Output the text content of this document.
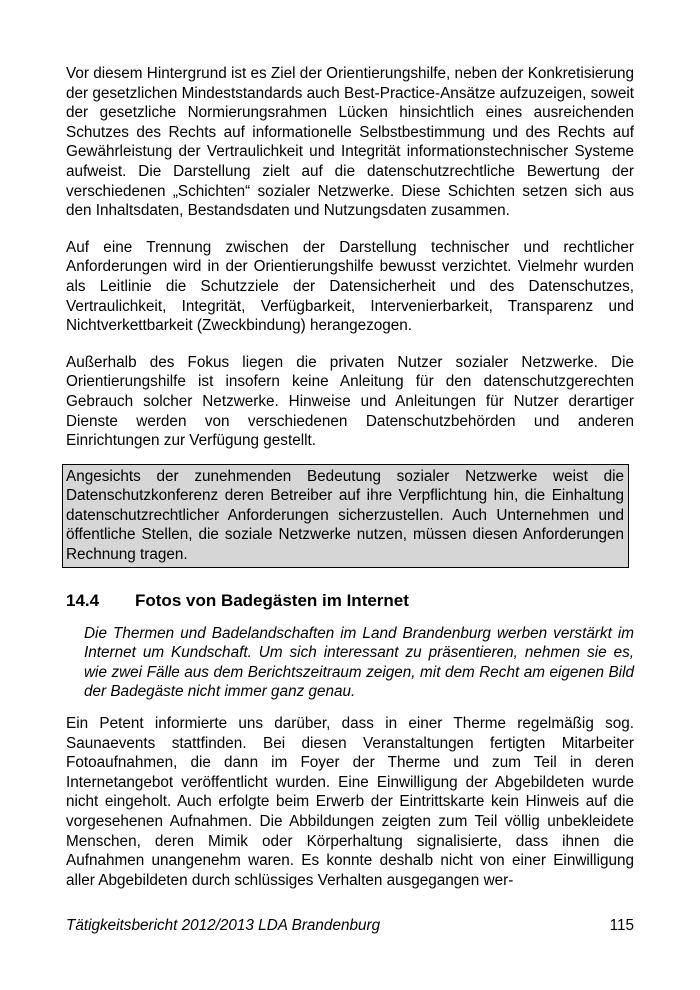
Vor diesem Hintergrund ist es Ziel der Orientierungshilfe, neben der Konkretisierung der gesetzlichen Mindeststandards auch Best-Practice-Ansätze aufzuzeigen, soweit der gesetzliche Normierungsrahmen Lücken hinsichtlich eines ausreichenden Schutzes des Rechts auf informationelle Selbstbestimmung und des Rechts auf Gewährleistung der Vertraulichkeit und Integrität informationstechnischer Systeme aufweist. Die Darstellung zielt auf die datenschutzrechtliche Bewertung der verschiedenen „Schichten“ sozialer Netzwerke. Diese Schichten setzen sich aus den Inhaltsdaten, Bestandsdaten und Nutzungsdaten zusammen.

Auf eine Trennung zwischen der Darstellung technischer und rechtlicher Anforderungen wird in der Orientierungshilfe bewusst verzichtet. Vielmehr wurden als Leitlinie die Schutzziele der Datensicherheit und des Datenschutzes, Vertraulichkeit, Integrität, Verfügbarkeit, Intervenierbarkeit, Transparenz und Nichtverkettbarkeit (Zweckbindung) herangezogen.

Außerhalb des Fokus liegen die privaten Nutzer sozialer Netzwerke. Die Orientierungshilfe ist insofern keine Anleitung für den datenschutzgerechten Gebrauch solcher Netzwerke. Hinweise und Anleitungen für Nutzer derartiger Dienste werden von verschiedenen Datenschutzbehörden und anderen Einrichtungen zur Verfügung gestellt.

Angesichts der zunehmenden Bedeutung sozialer Netzwerke weist die Datenschutzkonferenz deren Betreiber auf ihre Verpflichtung hin, die Einhaltung datenschutzrechtlicher Anforderungen sicherzustellen. Auch Unternehmen und öffentliche Stellen, die soziale Netzwerke nutzen, müssen diesen Anforderungen Rechnung tragen.

14.4	Fotos von Badegästen im Internet

Die Thermen und Badelandschaften im Land Brandenburg werben verstärkt im Internet um Kundschaft. Um sich interessant zu präsentieren, nehmen sie es, wie zwei Fälle aus dem Berichtszeitraum zeigen, mit dem Recht am eigenen Bild der Badegäste nicht immer ganz genau.

Ein Petent informierte uns darüber, dass in einer Therme regelmäßig sog. Saunaevents stattfinden. Bei diesen Veranstaltungen fertigten Mitarbeiter Fotoaufnahmen, die dann im Foyer der Therme und zum Teil in deren Internetangebot veröffentlicht wurden. Eine Einwilligung der Abgebildeten wurde nicht eingeholt. Auch erfolgte beim Erwerb der Eintrittskarte kein Hinweis auf die vorgesehenen Aufnahmen. Die Abbildungen zeigten zum Teil völlig unbekleidete Menschen, deren Mimik oder Körperhaltung signalisierte, dass ihnen die Aufnahmen unangenehm waren. Es konnte deshalb nicht von einer Einwilligung aller Abgebildeten durch schlüssiges Verhalten ausgegangen wer-

Tätigkeitsbericht 2012/2013 LDA Brandenburg	115
